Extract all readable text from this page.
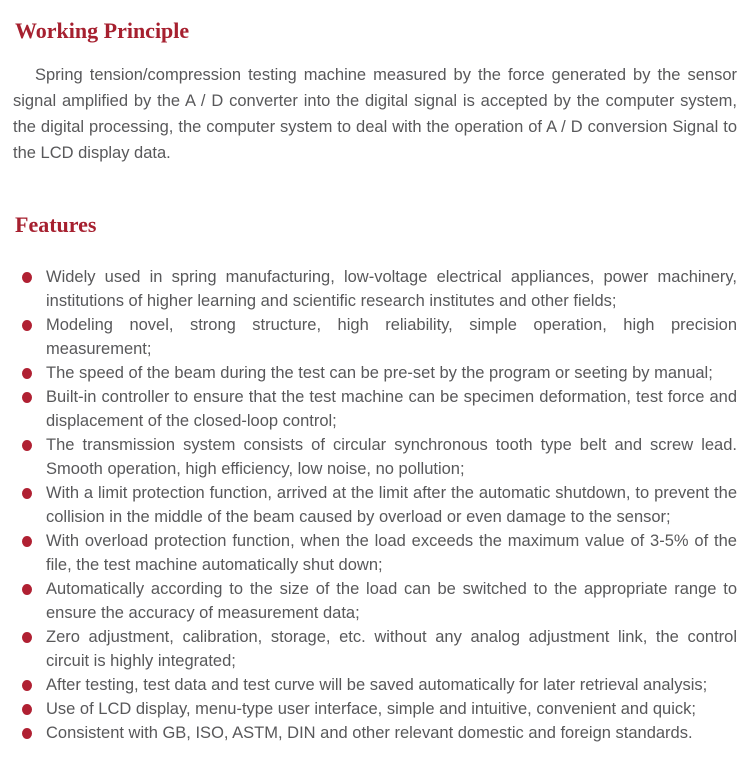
Working Principle

Spring tension/compression testing machine measured by the force generated by the sensor signal amplified by the A / D converter into the digital signal is accepted by the computer system, the digital processing, the computer system to deal with the operation of A / D conversion Signal to the LCD display data.

Features
Widely used in spring manufacturing, low-voltage electrical appliances, power machinery, institutions of higher learning and scientific research institutes and other fields;
Modeling novel, strong structure, high reliability, simple operation, high precision measurement;
The speed of the beam during the test can be pre-set by the program or seeting by manual;
Built-in controller to ensure that the test machine can be specimen deformation, test force and displacement of the closed-loop control;
The transmission system consists of circular synchronous tooth type belt and screw lead. Smooth operation, high efficiency, low noise, no pollution;
With a limit protection function, arrived at the limit after the automatic shutdown, to prevent the collision in the middle of the beam caused by overload or even damage to the sensor;
With overload protection function, when the load exceeds the maximum value of 3-5% of the file, the test machine automatically shut down;
Automatically according to the size of the load can be switched to the appropriate range to ensure the accuracy of measurement data;
Zero adjustment, calibration, storage, etc. without any analog adjustment link, the control circuit is highly integrated;
After testing, test data and test curve will be saved automatically for later retrieval analysis;
Use of LCD display, menu-type user interface, simple and intuitive, convenient and quick;
Consistent with GB, ISO, ASTM, DIN and other relevant domestic and foreign standards.
